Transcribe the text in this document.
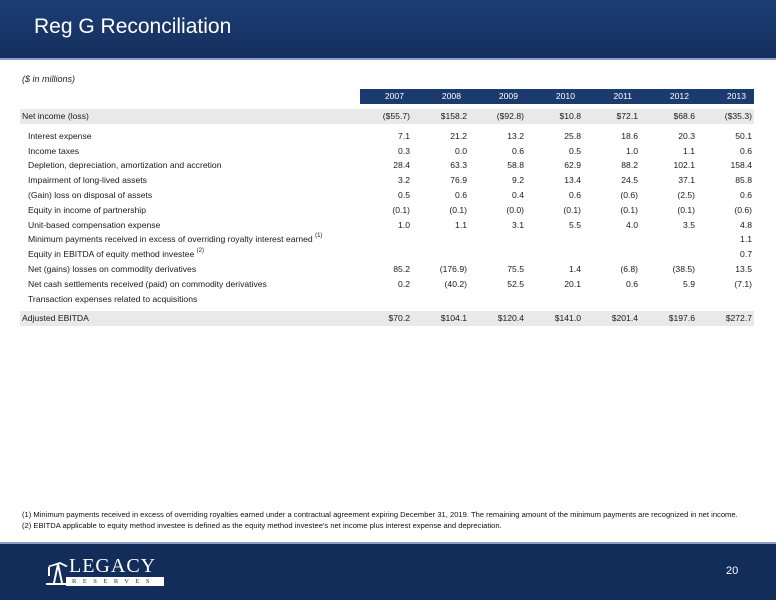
Reg G Reconciliation
($ in millions)
	2007	2008	2009	2010	2011	2012	2013

Net income (loss)	($55.7)	$158.2	($92.8)	$10.8	$72.1	$68.6	($35.3)

Interest expense	7.1	21.2	13.2	25.8	18.6	20.3	50.1
Income taxes	0.3	0.0	0.6	0.5	1.0	1.1	0.6
Depletion, depreciation, amortization and accretion	28.4	63.3	58.8	62.9	88.2	102.1	158.4
Impairment of long-lived assets	3.2	76.9	9.2	13.4	24.5	37.1	85.8
(Gain) loss on disposal of assets	0.5	0.6	0.4	0.6	(0.6)	(2.5)	0.6
Equity in income of partnership	(0.1)	(0.1)	(0.0)	(0.1)	(0.1)	(0.1)	(0.6)
Unit-based compensation expense	1.0	1.1	3.1	5.5	4.0	3.5	4.8
Minimum payments received in excess of overriding royalty interest earned $^{(1)}$							1.1
Equity in EBITDA of equity method investee $^{(2)}$							0.7
Net (gains) losses on commodity derivatives	85.2	(176.9)	75.5	1.4	(6.8)	(38.5)	13.5
Net cash settlements received (paid) on commodity derivatives	0.2	(40.2)	52.5	20.1	0.6	5.9	(7.1)
Transaction expenses related to acquisitions							

Adjusted EBITDA	$70.2	$104.1	$120.4	$141.0	$201.4	$197.6	$272.7

(1) Minimum payments received in excess of overriding royalties earned under a contractual agreement expiring December 31, 2019. The remaining amount of the minimum payments are recognized in net income.

(2) EBITDA applicable to equity method investee is defined as the equity method investee's net income plus interest expense and depreciation.

LEGACY
RESERVES
20
